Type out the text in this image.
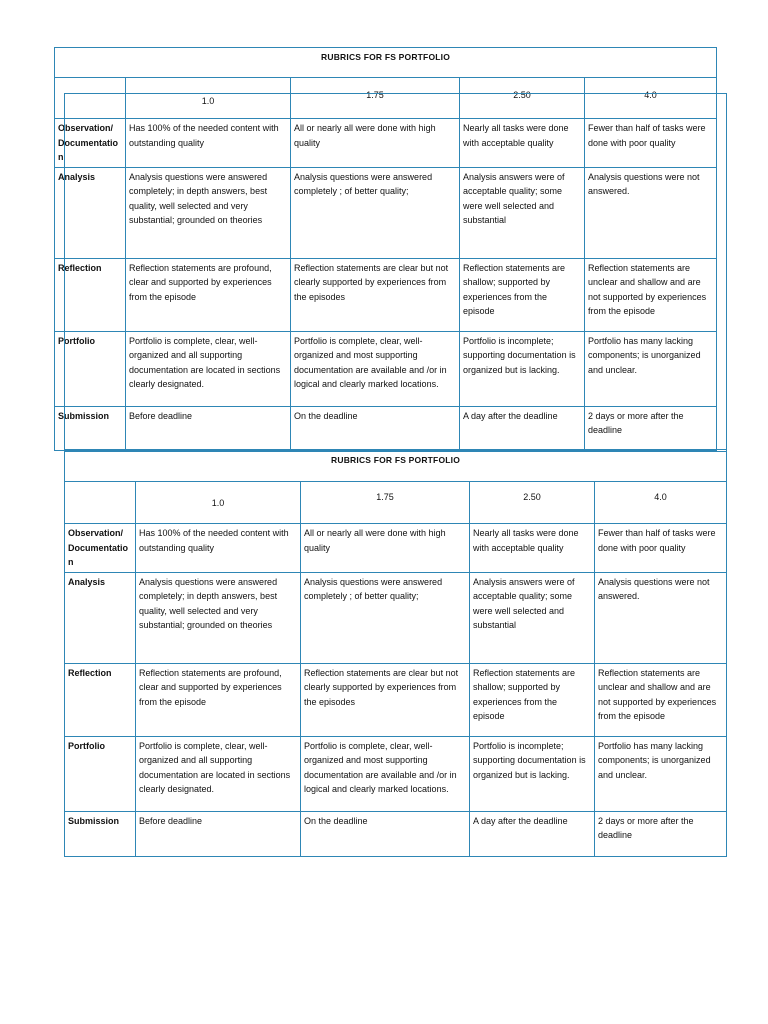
RUBRICS FOR FS PORTFOLIO				
	1.0	1.75	2.50	4.0
Observation/ Documentation	Has 100% of the needed content with outstanding quality	All or nearly all were done with high quality	Nearly all tasks were done with acceptable quality	Fewer than half of tasks were done with poor quality
Analysis	Analysis questions were answered completely; in depth answers, best quality, well selected and very substantial; grounded on theories	Analysis questions were answered completely ; of better quality;	Analysis answers were of acceptable quality; some were well selected and substantial	Analysis questions were not answered.
Reflection	Reflection statements are profound, clear and supported by experiences from the episode	Reflection statements are clear but not clearly supported by experiences from the episodes	Reflection statements are shallow; supported by experiences from the episode	Reflection statements are unclear and shallow and are not supported by experiences from the episode
Portfolio	Portfolio is complete, clear, well-organized and all supporting documentation are located in sections clearly designated.	Portfolio is complete, clear, well-organized and most supporting documentation are available and /or in logical and clearly marked locations.	Portfolio is incomplete; supporting documentation is organized but is lacking.	Portfolio has many lacking components; is unorganized and unclear.
Submission	Before deadline	On the deadline	A day after the deadline	2 days or more after the deadline
RUBRICS FOR FS PORTFOLIO				
	1.0	1.75	2.50	4.0
Observation/ Documentation	Has 100% of the needed content with outstanding quality	All or nearly all were done with high quality	Nearly all tasks were done with acceptable quality	Fewer than half of tasks were done with poor quality
Analysis	Analysis questions were answered completely; in depth answers, best quality, well selected and very substantial; grounded on theories	Analysis questions were answered completely ; of better quality;	Analysis answers were of acceptable quality; some were well selected and substantial	Analysis questions were not answered.
Reflection	Reflection statements are profound, clear and supported by experiences from the episode	Reflection statements are clear but not clearly supported by experiences from the episodes	Reflection statements are shallow; supported by experiences from the episode	Reflection statements are unclear and shallow and are not supported by experiences from the episode
Portfolio	Portfolio is complete, clear, well-organized and all supporting documentation are located in sections clearly designated.	Portfolio is complete, clear, well-organized and most supporting documentation are available and /or in logical and clearly marked locations.	Portfolio is incomplete; supporting documentation is organized but is lacking.	Portfolio has many lacking components; is unorganized and unclear.
Submission	Before deadline	On the deadline	A day after the deadline	2 days or more after the deadline
